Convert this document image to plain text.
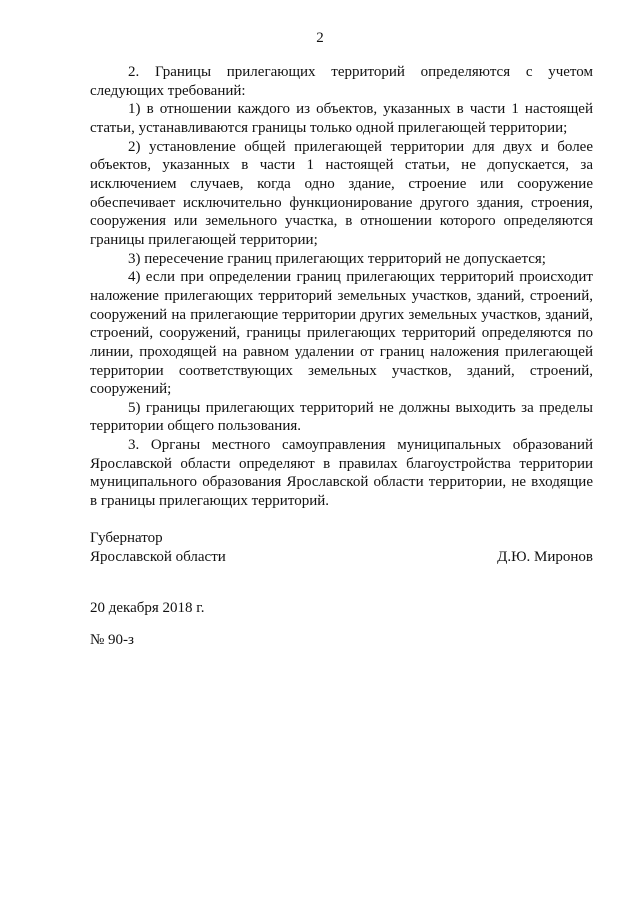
2

2. Границы прилегающих территорий определяются с учетом следующих требований:

1) в отношении каждого из объектов, указанных в части 1 настоящей статьи, устанавливаются границы только одной прилегающей территории;

2) установление общей прилегающей территории для двух и более объектов, указанных в части 1 настоящей статьи, не допускается, за исключением случаев, когда одно здание, строение или сооружение обеспечивает исключительно функционирование другого здания, строения, сооружения или земельного участка, в отношении которого определяются границы прилегающей территории;

3) пересечение границ прилегающих территорий не допускается;

4) если при определении границ прилегающих территорий происходит наложение прилегающих территорий земельных участков, зданий, строений, сооружений на прилегающие территории других земельных участков, зданий, строений, сооружений, границы прилегающих территорий определяются по линии, проходящей на равном удалении от границ наложения прилегающей территории соответствующих земельных участков, зданий, строений, сооружений;

5) границы прилегающих территорий не должны выходить за пределы территории общего пользования.

3. Органы местного самоуправления муниципальных образований Ярославской области определяют в правилах благоустройства территории муниципального образования Ярославской области территории, не входящие в границы прилегающих территорий.

Губернатор
Ярославской области	Д.Ю. Миронов
20 декабря 2018 г.
№ 90-з
